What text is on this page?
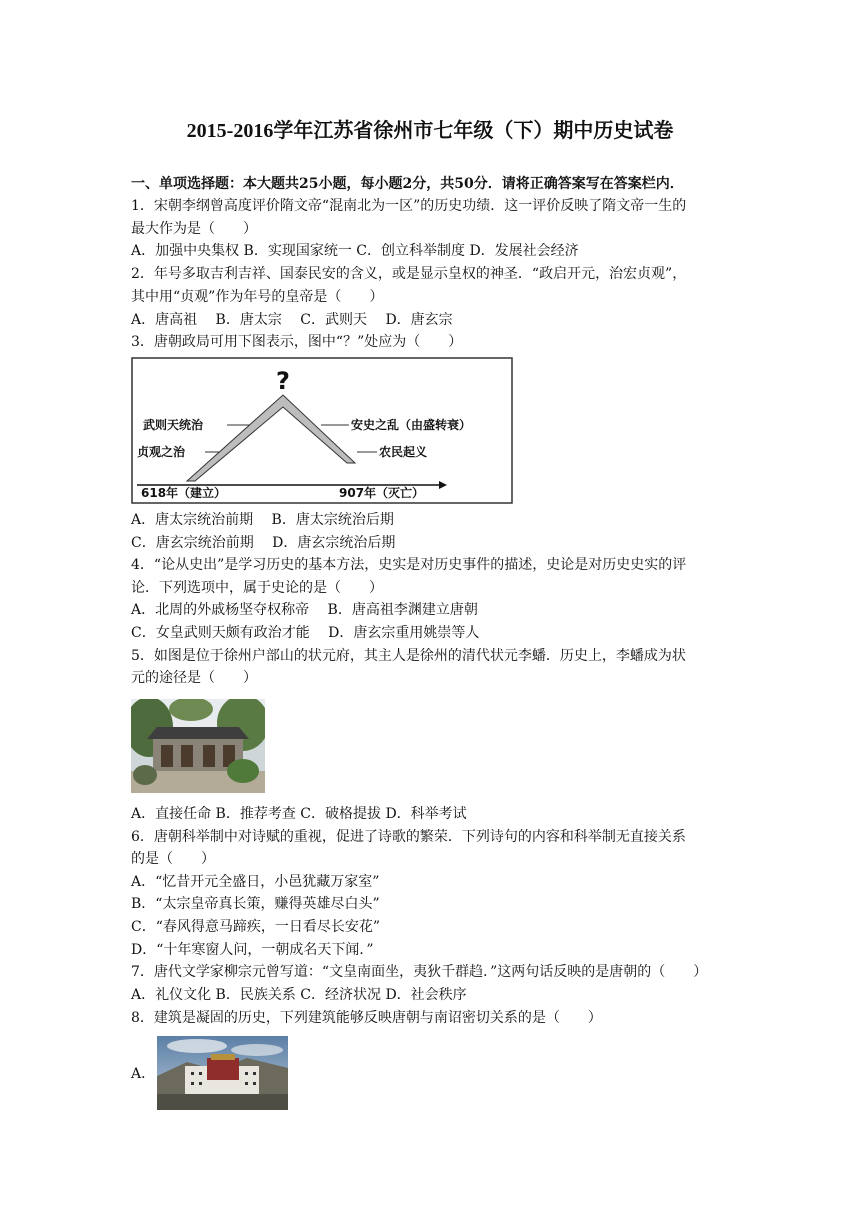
2015-2016学年江苏省徐州市七年级（下）期中历史试卷
一、单项选择题：本大题共25小题，每小题2分，共50分．请将正确答案写在答案栏内．
1．宋朝李纲曾高度评价隋文帝“混南北为一区”的历史功绩．这一评价反映了隋文帝一生的
最大作为是（　　）
A．加强中央集权 B．实现国家统一 C．创立科举制度 D．发展社会经济
2．年号多取吉利吉祥、国泰民安的含义，或是显示皇权的神圣．“政启开元，治宏贞观”，
其中用“贞观”作为年号的皇帝是（　　）
A．唐高祖　 B．唐太宗　 C．武则天　 D．唐玄宗
3．唐朝政局可用下图表示，图中“？”处应为（　　）
?
武则天统治
贞观之治
安史之乱（由盛转衰）
农民起义
618年（建立）	907年（灭亡）
A．唐太宗统治前期　 B．唐太宗统治后期
C．唐玄宗统治前期　 D．唐玄宗统治后期
4．“论从史出”是学习历史的基本方法，史实是对历史事件的描述，史论是对历史史实的评
论．下列选项中，属于史论的是（　　）
A．北周的外戚杨坚夺权称帝　 B．唐高祖李渊建立唐朝
C．女皇武则天颇有政治才能　 D．唐玄宗重用姚崇等人
5．如图是位于徐州户部山的状元府，其主人是徐州的清代状元李蟠．历史上，李蟠成为状
元的途径是（　　）
A．直接任命 B．推荐考查 C．破格提拔 D．科举考试
6．唐朝科举制中对诗赋的重视，促进了诗歌的繁荣．下列诗句的内容和科举制无直接关系
的是（　　）
A．“忆昔开元全盛日，小邑犹藏万家室”
B．“太宗皇帝真长策，赚得英雄尽白头”
C．“春风得意马蹄疾，一日看尽长安花”
D．“十年寒窗人问，一朝成名天下闻．”
7．唐代文学家柳宗元曾写道：“文皇南面坐，夷狄千群趋．”这两句话反映的是唐朝的（　　）
A．礼仪文化 B．民族关系 C．经济状况 D．社会秩序
8．建筑是凝固的历史，下列建筑能够反映唐朝与南诏密切关系的是（　　）
A．
